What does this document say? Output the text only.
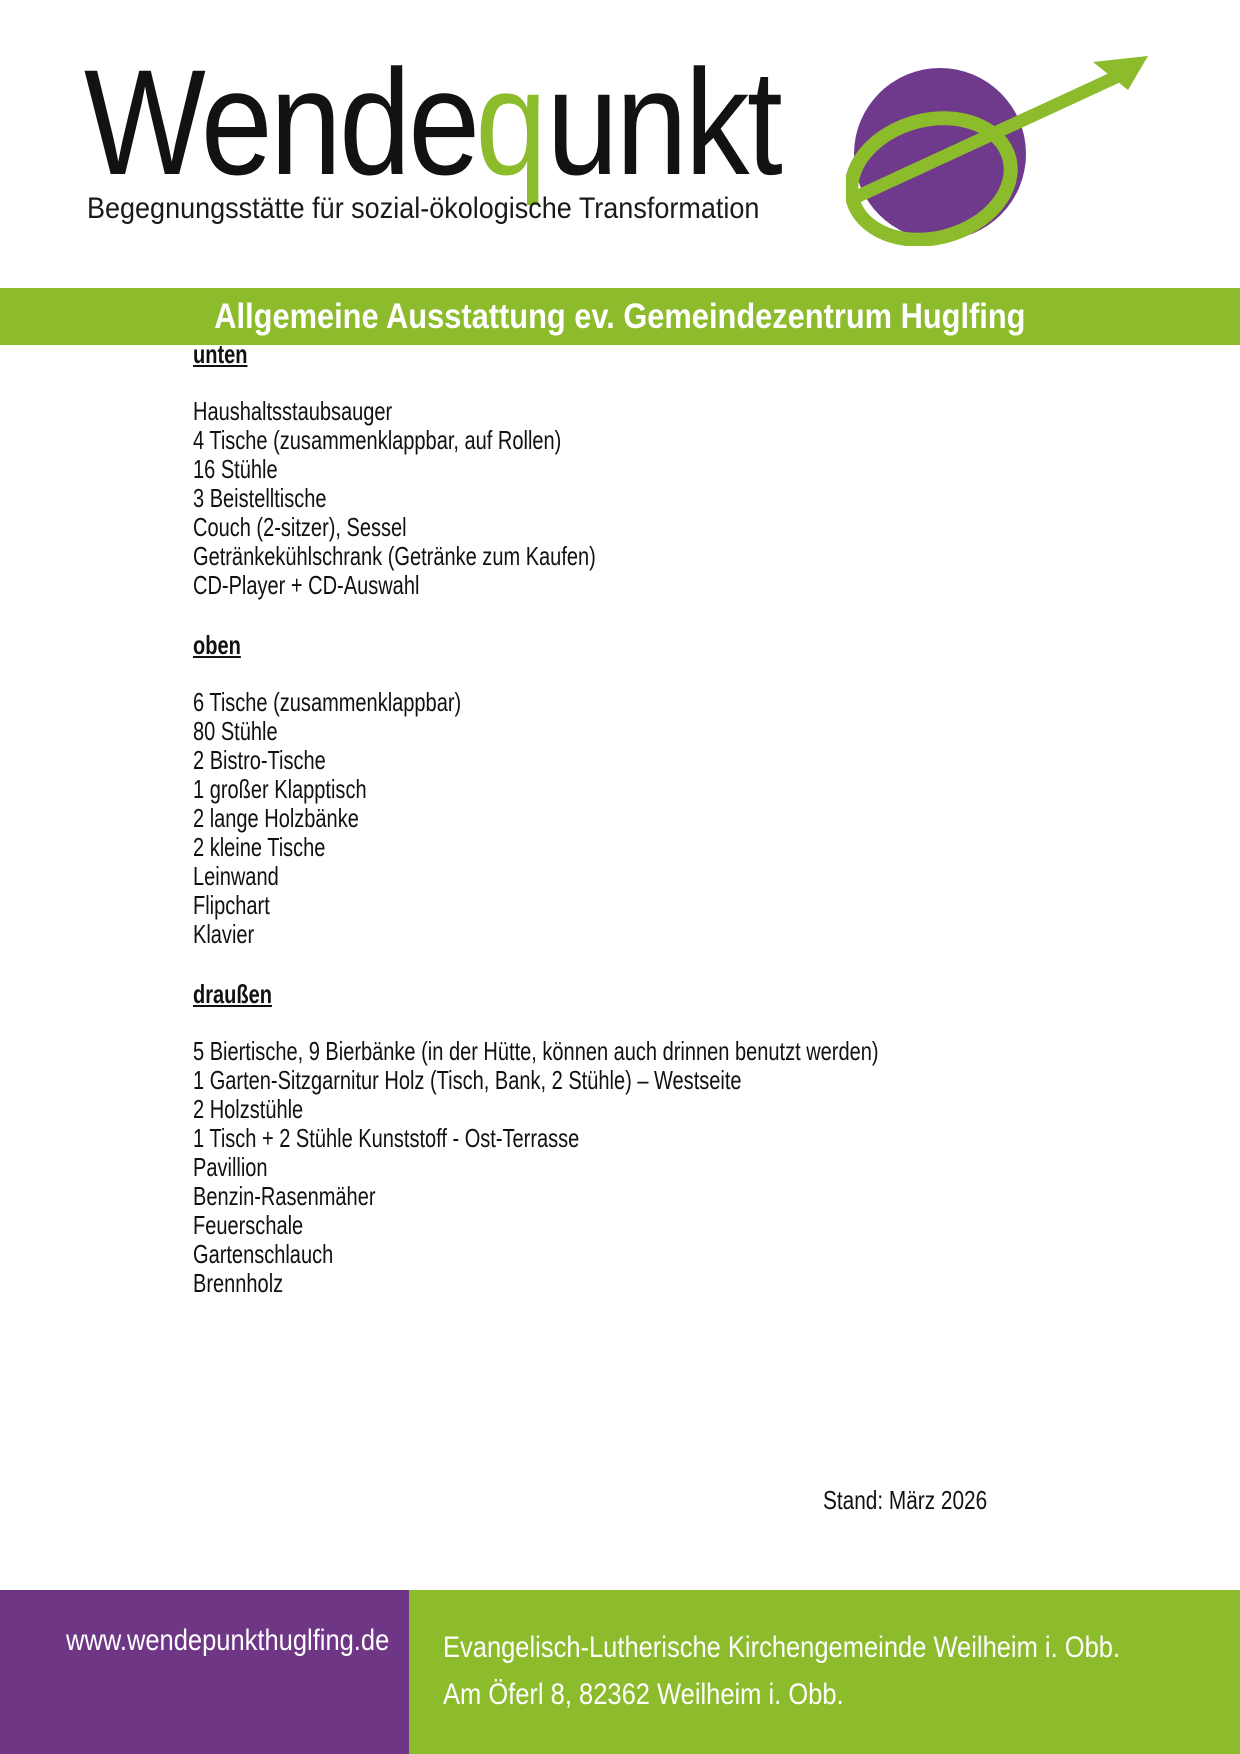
Wendepunkt
Begegnungsstätte für sozial-ökologische Transformation
Allgemeine Ausstattung ev. Gemeindezentrum Huglfing
unten
Haushaltsstaubsauger
4 Tische (zusammenklappbar, auf Rollen)
16 Stühle
3 Beistelltische
Couch (2-sitzer), Sessel
Getränkekühlschrank (Getränke zum Kaufen)
CD-Player + CD-Auswahl
oben
6 Tische (zusammenklappbar)
80 Stühle
2 Bistro-Tische
1 großer Klapptisch
2 lange Holzbänke
2 kleine Tische
Leinwand
Flipchart
Klavier
draußen
5 Biertische, 9 Bierbänke (in der Hütte, können auch drinnen benutzt werden)
1 Garten-Sitzgarnitur Holz (Tisch, Bank, 2 Stühle) – Westseite
2 Holzstühle
1 Tisch + 2 Stühle Kunststoff - Ost-Terrasse
Pavillion
Benzin-Rasenmäher
Feuerschale
Gartenschlauch
Brennholz
Stand: März 2026
www.wendepunkthuglfing.de	Evangelisch-Lutherische Kirchengemeinde Weilheim i. Obb.
Am Öferl 8, 82362 Weilheim i. Obb.
